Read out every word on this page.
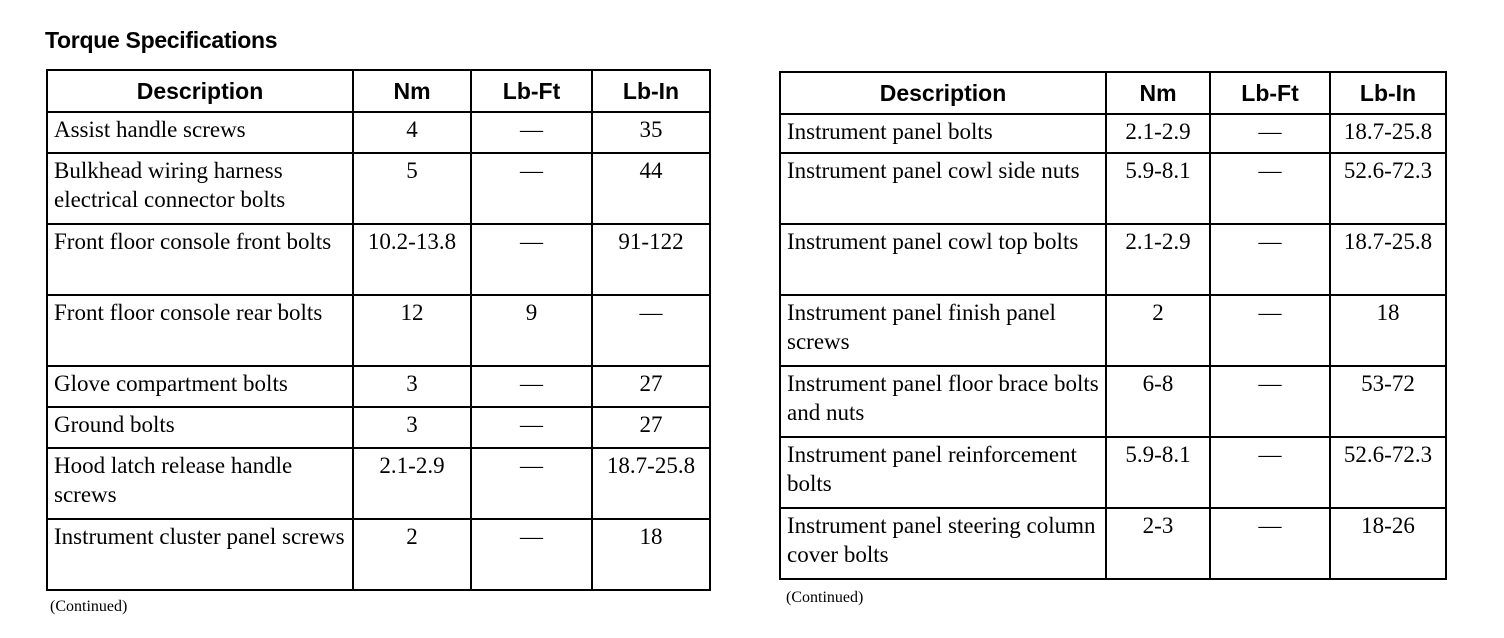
Torque Specifications
Description	Nm	Lb-Ft	Lb-In
Assist handle screws	4	—	35
Bulkhead wiring harness electrical connector bolts	5	—	44
Front floor console front bolts	10.2-13.8	—	91-122
Front floor console rear bolts	12	9	—
Glove compartment bolts	3	—	27
Ground bolts	3	—	27
Hood latch release handle screws	2.1-2.9	—	18.7-25.8
Instrument cluster panel screws	2	—	18
(Continued)
Description	Nm	Lb-Ft	Lb-In
Instrument panel bolts	2.1-2.9	—	18.7-25.8
Instrument panel cowl side nuts	5.9-8.1	—	52.6-72.3
Instrument panel cowl top bolts	2.1-2.9	—	18.7-25.8
Instrument panel finish panel screws	2	—	18
Instrument panel floor brace bolts and nuts	6-8	—	53-72
Instrument panel reinforcement bolts	5.9-8.1	—	52.6-72.3
Instrument panel steering column cover bolts	2-3	—	18-26
(Continued)
